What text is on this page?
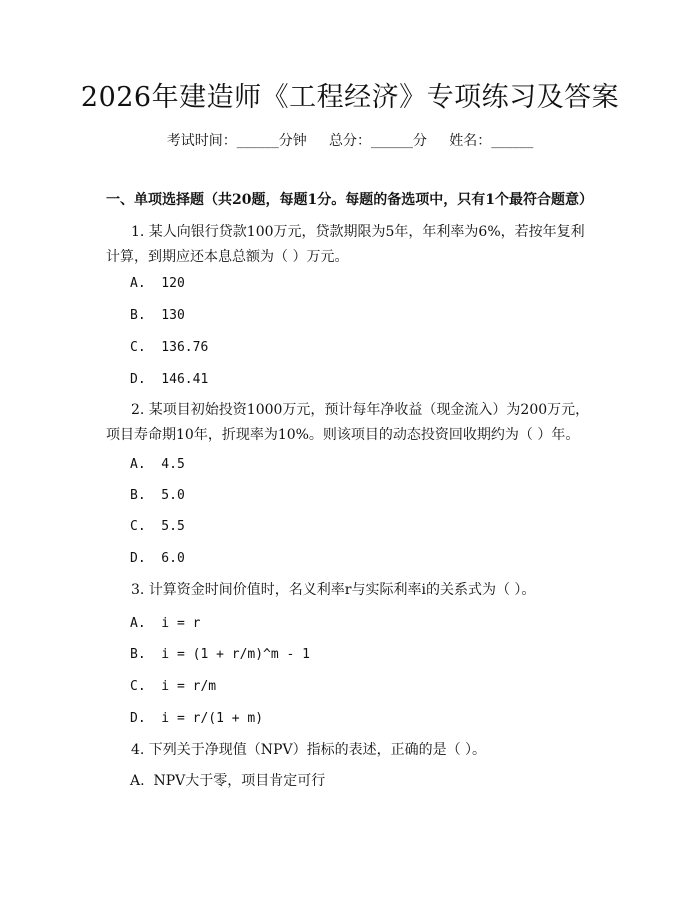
2026年建造师《工程经济》专项练习及答案
考试时间：______分钟     总分：______分     姓名：______
一、单项选择题（共20题，每题1分。每题的备选项中，只有1个最符合题意）
1. 某人向银行贷款100万元，贷款期限为5年，年利率为6%，若按年复利
计算，到期应还本息总额为（ ）万元。
A.  120
B.  130
C.  136.76
D.  146.41
2. 某项目初始投资1000万元，预计每年净收益（现金流入）为200万元，
项目寿命期10年，折现率为10%。则该项目的动态投资回收期约为（ ）年。
A.  4.5
B.  5.0
C.  5.5
D.  6.0
3. 计算资金时间价值时，名义利率r与实际利率i的关系式为（ ）。
A.  i = r
B.  i = (1 + r/m)^m - 1
C.  i = r/m
D.  i = r/(1 + m)
4. 下列关于净现值（NPV）指标的表述，正确的是（ ）。
A.  NPV大于零，项目肯定可行
